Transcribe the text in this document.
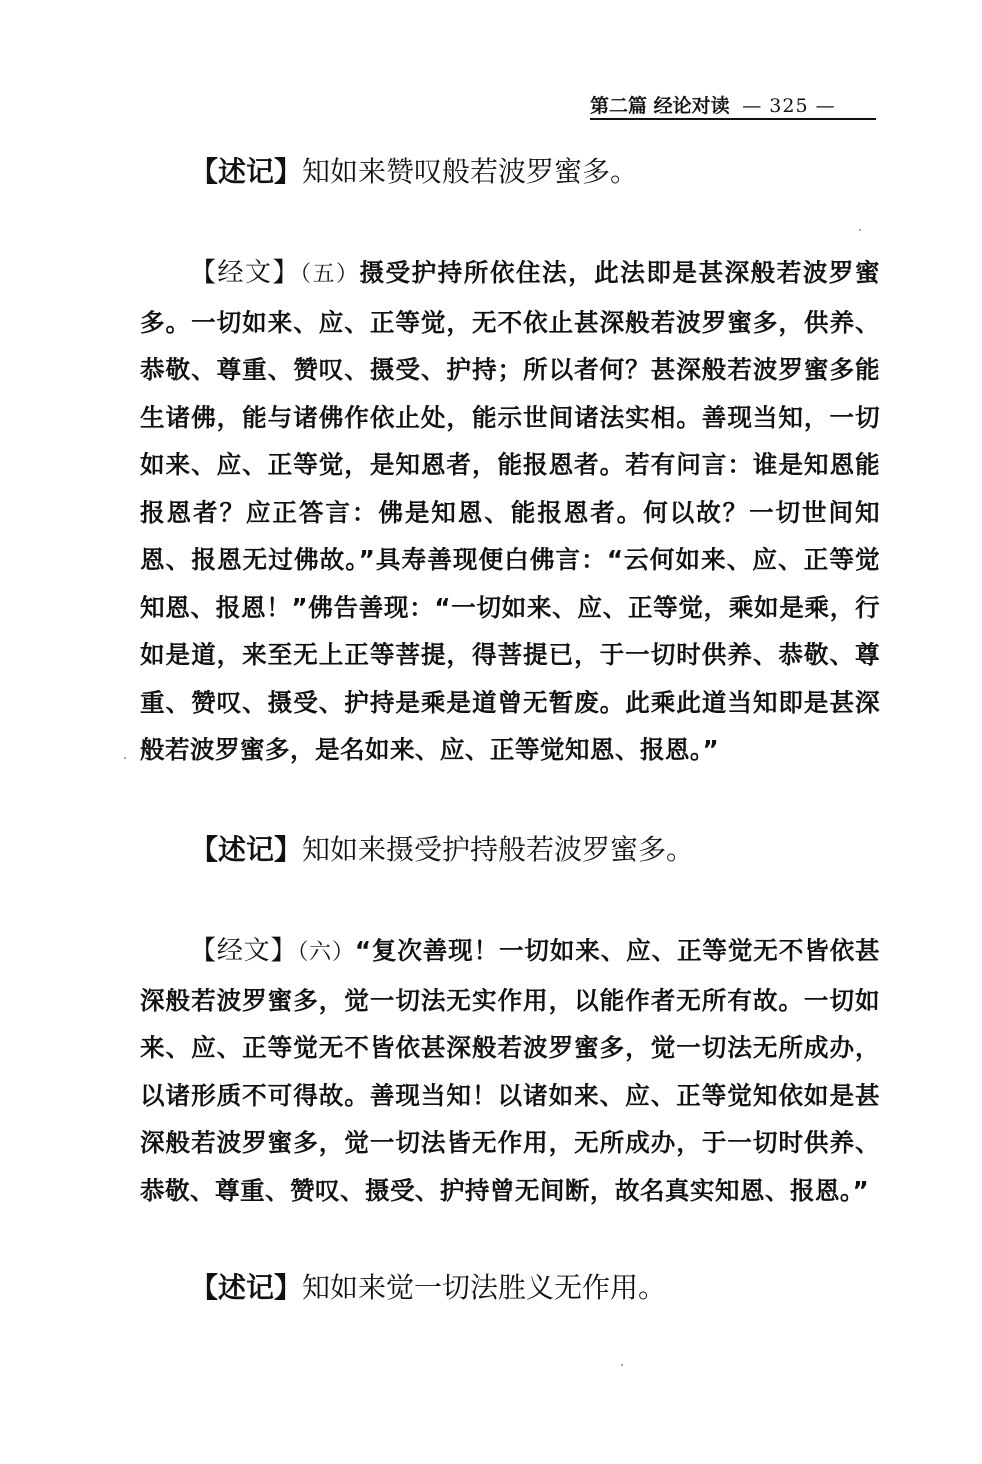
第二篇 经论对读 — 325 —
【述记】知如来赞叹般若波罗蜜多。
【经文】（五）摄受护持所依住法，此法即是甚深般若波罗蜜多。一切如来、应、正等觉，无不依止甚深般若波罗蜜多，供养、恭敬、尊重、赞叹、摄受、护持；所以者何？甚深般若波罗蜜多能生诸佛，能与诸佛作依止处，能示世间诸法实相。善现当知，一切如来、应、正等觉，是知恩者，能报恩者。若有问言：谁是知恩能报恩者？应正答言：佛是知恩、能报恩者。何以故？一切世间知恩、报恩无过佛故。”具寿善现便白佛言：“云何如来、应、正等觉知恩、报恩！”佛告善现：“一切如来、应、正等觉，乘如是乘，行如是道，来至无上正等菩提，得菩提已，于一切时供养、恭敬、尊重、赞叹、摄受、护持是乘是道曾无暂废。此乘此道当知即是甚深般若波罗蜜多，是名如来、应、正等觉知恩、报恩。”
【述记】知如来摄受护持般若波罗蜜多。
【经文】（六）“复次善现！一切如来、应、正等觉无不皆依甚深般若波罗蜜多，觉一切法无实作用，以能作者无所有故。一切如来、应、正等觉无不皆依甚深般若波罗蜜多，觉一切法无所成办，以诸形质不可得故。善现当知！以诸如来、应、正等觉知依如是甚深般若波罗蜜多，觉一切法皆无作用，无所成办，于一切时供养、恭敬、尊重、赞叹、摄受、护持曾无间断，故名真实知恩、报恩。”
【述记】知如来觉一切法胜义无作用。
